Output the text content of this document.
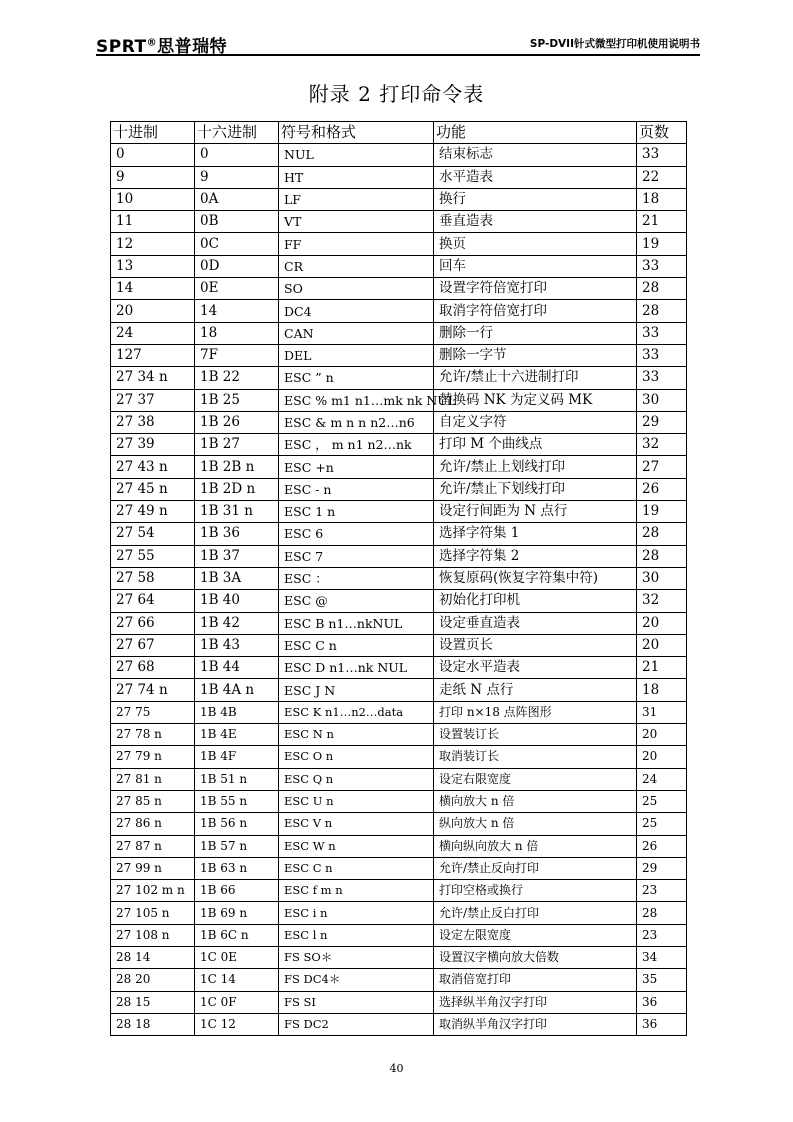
SPRT®思普瑞特	SP-DVII针式微型打印机使用说明书
附录 2 打印命令表
十进制	十六进制	符号和格式	功能	页数
0	0	NUL	结束标志	33
9	9	HT	水平造表	22
10	0A	LF	换行	18
11	0B	VT	垂直造表	21
12	0C	FF	换页	19
13	0D	CR	回车	33
14	0E	SO	设置字符倍宽打印	28
20	14	DC4	取消字符倍宽打印	28
24	18	CAN	删除一行	33
127	7F	DEL	删除一字节	33
27 34 n	1B 22	ESC ” n	允许/禁止十六进制打印	33
27 37	1B 25	ESC % m1 n1…mk nk NUL	替换码 NK 为定义码 MK	30
27 38	1B 26	ESC & m n n n2…n6	自定义字符	29
27 39	1B 27	ESC ， m n1 n2…nk	打印 M 个曲线点	32
27 43 n	1B 2B n	ESC +n	允许/禁止上划线打印	27
27 45 n	1B 2D n	ESC - n	允许/禁止下划线打印	26
27 49 n	1B 31 n	ESC 1 n	设定行间距为 N 点行	19
27 54	1B 36	ESC 6	选择字符集 1	28
27 55	1B 37	ESC 7	选择字符集 2	28
27 58	1B 3A	ESC ：	恢复原码(恢复字符集中符)	30
27 64	1B 40	ESC @	初始化打印机	32
27 66	1B 42	ESC B n1…nkNUL	设定垂直造表	20
27 67	1B 43	ESC C n	设置页长	20
27 68	1B 44	ESC D n1…nk NUL	设定水平造表	21
27 74 n	1B 4A n	ESC J N	走纸 N 点行	18
27 75	1B 4B	ESC K n1…n2…data	打印 n×18 点阵图形	31
27 78 n	1B 4E	ESC N n	设置装订长	20
27 79 n	1B 4F	ESC O n	取消装订长	20
27 81 n	1B 51 n	ESC Q n	设定右限宽度	24
27 85 n	1B 55 n	ESC U n	横向放大 n 倍	25
27 86 n	1B 56 n	ESC V n	纵向放大 n 倍	25
27 87 n	1B 57 n	ESC W n	横向纵向放大 n 倍	26
27 99 n	1B 63 n	ESC C n	允许/禁止反向打印	29
27 102 m n	1B 66	ESC f m n	打印空格或换行	23
27 105 n	1B 69 n	ESC i n	允许/禁止反白打印	28
27 108 n	1B 6C n	ESC l n	设定左限宽度	23
28 14	1C 0E	FS SO＊	设置汉字横向放大倍数	34
28 20	1C 14	FS DC4＊	取消倍宽打印	35
28 15	1C 0F	FS SI	选择纵半角汉字打印	36
28 18	1C 12	FS DC2	取消纵半角汉字打印	36
40
